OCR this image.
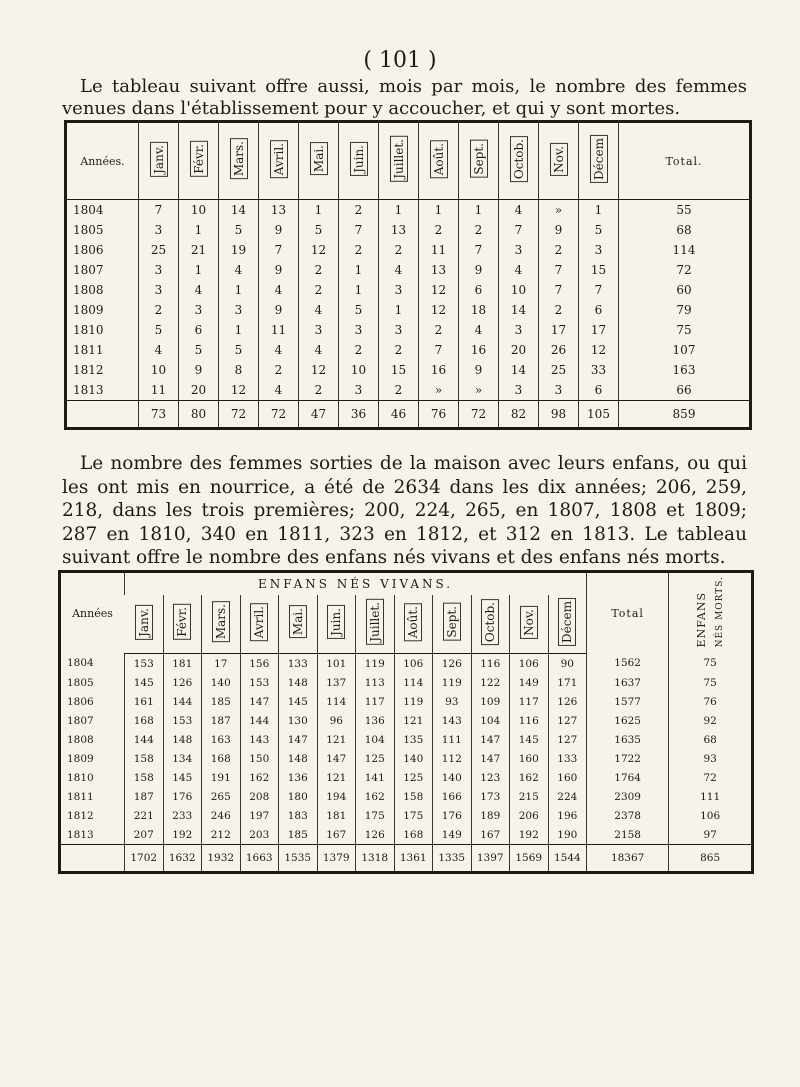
( 101 )

Le tableau suivant offre aussi, mois par mois, le nombre des femmes venues dans l'établissement pour y accoucher, et qui y sont mortes.

Années.	Janv.	Févr.	Mars.	Avril.	Mai.	Juin.	Juillet.	Août.	Sept.	Octob.	Nov.	Décem	Total.
1804	7	10	14	13	1	2	1	1	1	4	»	1	55
1805	3	1	5	9	5	7	13	2	2	7	9	5	68
1806	25	21	19	7	12	2	2	11	7	3	2	3	114
1807	3	1	4	9	2	1	4	13	9	4	7	15	72
1808	3	4	1	4	2	1	3	12	6	10	7	7	60
1809	2	3	3	9	4	5	1	12	18	14	2	6	79
1810	5	6	1	11	3	3	3	2	4	3	17	17	75
1811	4	5	5	4	4	2	2	7	16	20	26	12	107
1812	10	9	8	2	12	10	15	16	9	14	25	33	163
1813	11	20	12	4	2	3	2	»	»	3	3	6	66
	73	80	72	72	47	36	46	76	72	82	98	105	859

Le nombre des femmes sorties de la maison avec leurs enfans, ou qui les ont mis en nourrice, a été de 2634 dans les dix années; 206, 259, 218, dans les trois premières; 200, 224, 265, en 1807, 1808 et 1809; 287 en 1810, 340 en 1811, 323 en 1812, et 312 en 1813. Le tableau suivant offre le nombre des enfans nés vivans et des enfans nés morts.

Années	ENFANS NÉS VIVANS.												Total	ENFANS NÉS MORTS.
	Janv.	Févr.	Mars.	Avril.	Mai.	Juin.	Juillet.	Août.	Sept.	Octob.	Nov.	Décem		
1804	153	181	17	156	133	101	119	106	126	116	106	90	1562	75
1805	145	126	140	153	148	137	113	114	119	122	149	171	1637	75
1806	161	144	185	147	145	114	117	119	93	109	117	126	1577	76
1807	168	153	187	144	130	96	136	121	143	104	116	127	1625	92
1808	144	148	163	143	147	121	104	135	111	147	145	127	1635	68
1809	158	134	168	150	148	147	125	140	112	147	160	133	1722	93
1810	158	145	191	162	136	121	141	125	140	123	162	160	1764	72
1811	187	176	265	208	180	194	162	158	166	173	215	224	2309	111
1812	221	233	246	197	183	181	175	175	176	189	206	196	2378	106
1813	207	192	212	203	185	167	126	168	149	167	192	190	2158	97
	1702	1632	1932	1663	1535	1379	1318	1361	1335	1397	1569	1544	18367	865
